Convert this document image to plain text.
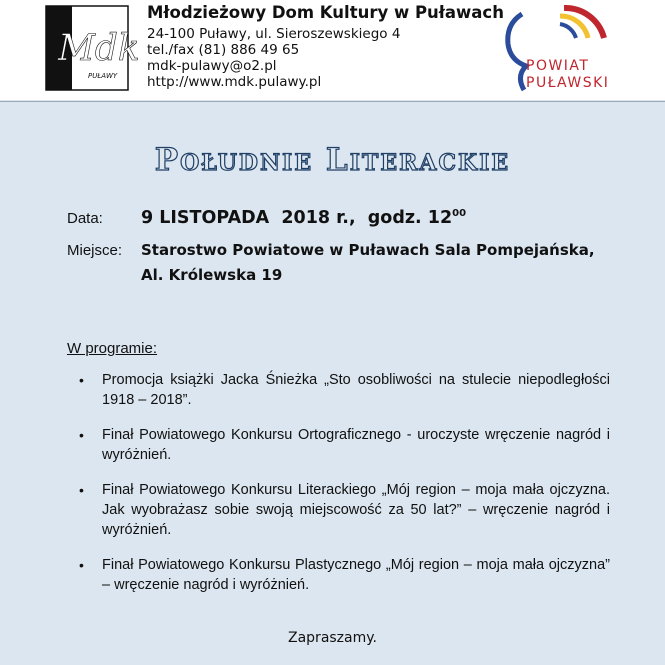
Mdk
PUŁAWY
Młodzieżowy Dom Kultury w Puławach
24-100 Puławy, ul. Sieroszewskiego 4
tel./fax (81) 886 49 65
mdk-pulawy@o2.pl
http://www.mdk.pulawy.pl
POWIAT
PUŁAWSKI
Południe Literackie
Data: 9 LISTOPADA  2018 r.,  godz. $12^{00}$
Miejsce: Starostwo Powiatowe w Puławach Sala Pompejańska,
Al. Królewska 19
W programie:
•	Promocja książki Jacka Śnieżka „Sto osobliwości na stulecie niepodległości 1918 – 2018”.
•	Finał Powiatowego Konkursu Ortograficznego - uroczyste wręczenie nagród i wyróżnień.
•	Finał Powiatowego Konkursu Literackiego „Mój region – moja mała ojczyzna. Jak wyobrażasz sobie swoją miejscowość za 50 lat?” – wręczenie nagród i wyróżnień.
•	Finał Powiatowego Konkursu Plastycznego „Mój region – moja mała ojczyzna” – wręczenie nagród i wyróżnień.
Zapraszamy.
